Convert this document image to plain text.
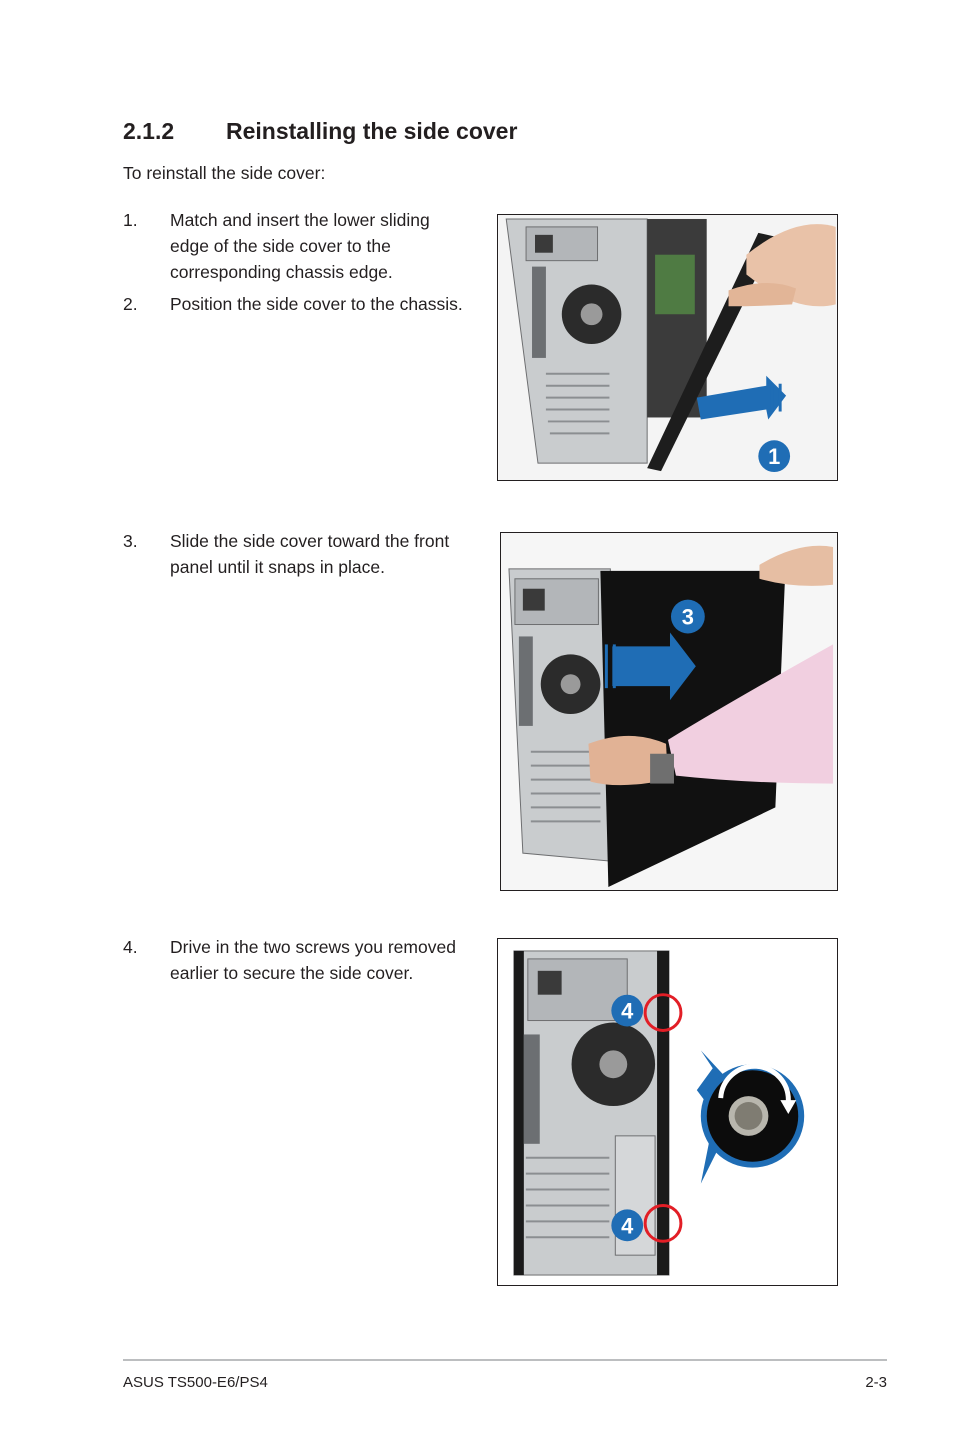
2.1.2 Reinstalling the side cover
To reinstall the side cover:
1. Match and insert the lower sliding edge of the side cover to the corresponding chassis edge.
2. Position the side cover to the chassis.
3. Slide the side cover toward the front panel until it snaps in place.
4. Drive in the two screws you removed earlier to secure the side cover.
1
3
4
4
ASUS TS500-E6/PS4	2-3
